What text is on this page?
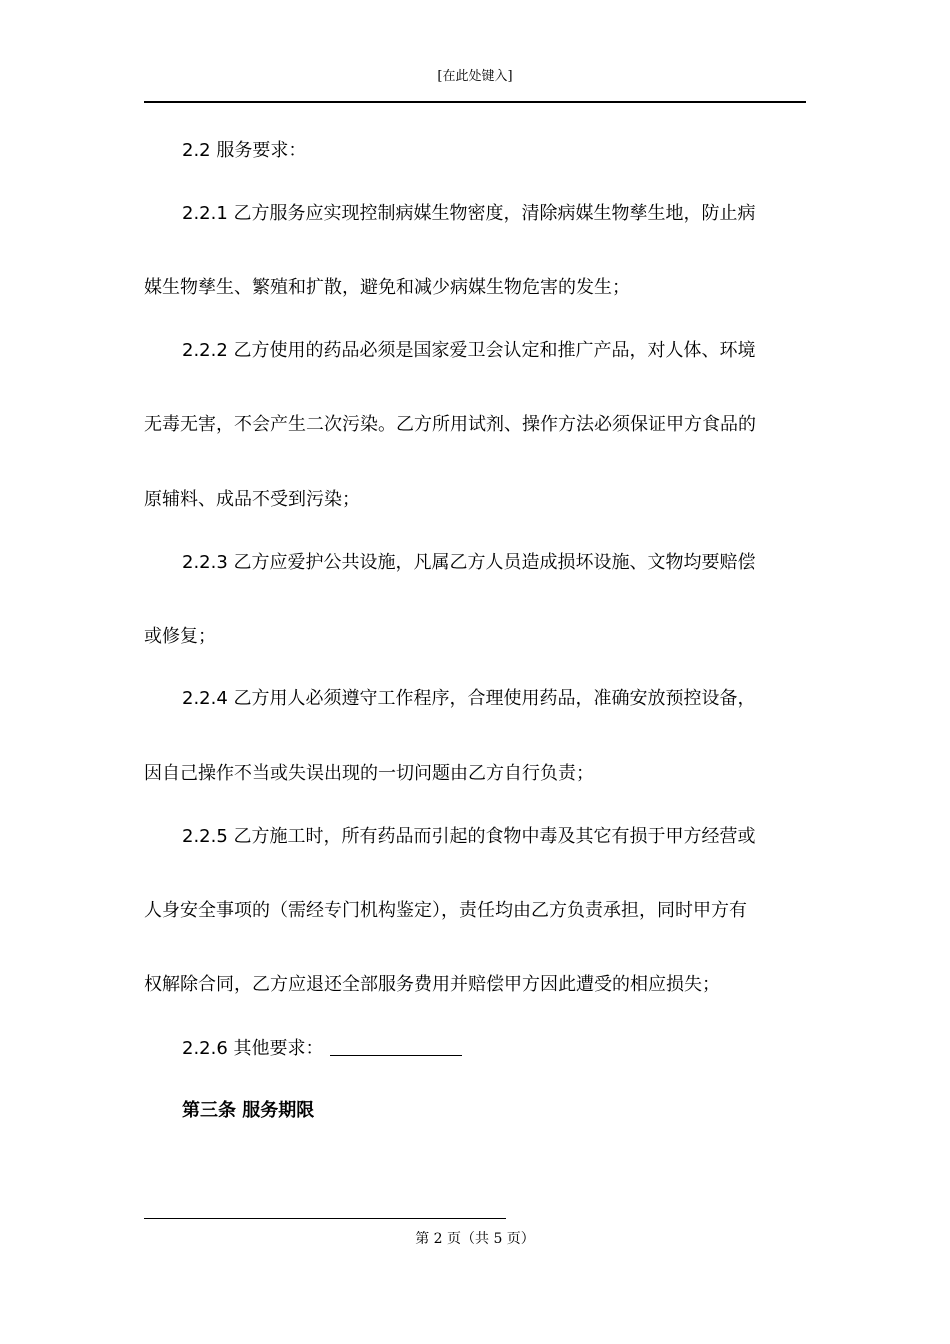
[在此处键入]
2.2 服务要求：
2.2.1 乙方服务应实现控制病媒生物密度，清除病媒生物孳生地，防止病
媒生物孳生、繁殖和扩散，避免和减少病媒生物危害的发生；
2.2.2 乙方使用的药品必须是国家爱卫会认定和推广产品，对人体、环境
无毒无害，不会产生二次污染。乙方所用试剂、操作方法必须保证甲方食品的
原辅料、成品不受到污染；
2.2.3 乙方应爱护公共设施，凡属乙方人员造成损坏设施、文物均要赔偿
或修复；
2.2.4 乙方用人必须遵守工作程序，合理使用药品，准确安放预控设备，
因自己操作不当或失误出现的一切问题由乙方自行负责；
2.2.5 乙方施工时，所有药品而引起的食物中毒及其它有损于甲方经营或
人身安全事项的（需经专门机构鉴定），责任均由乙方负责承担，同时甲方有
权解除合同，乙方应退还全部服务费用并赔偿甲方因此遭受的相应损失；
2.2.6 其他要求：
第三条 服务期限
第 2 页（共 5 页）
